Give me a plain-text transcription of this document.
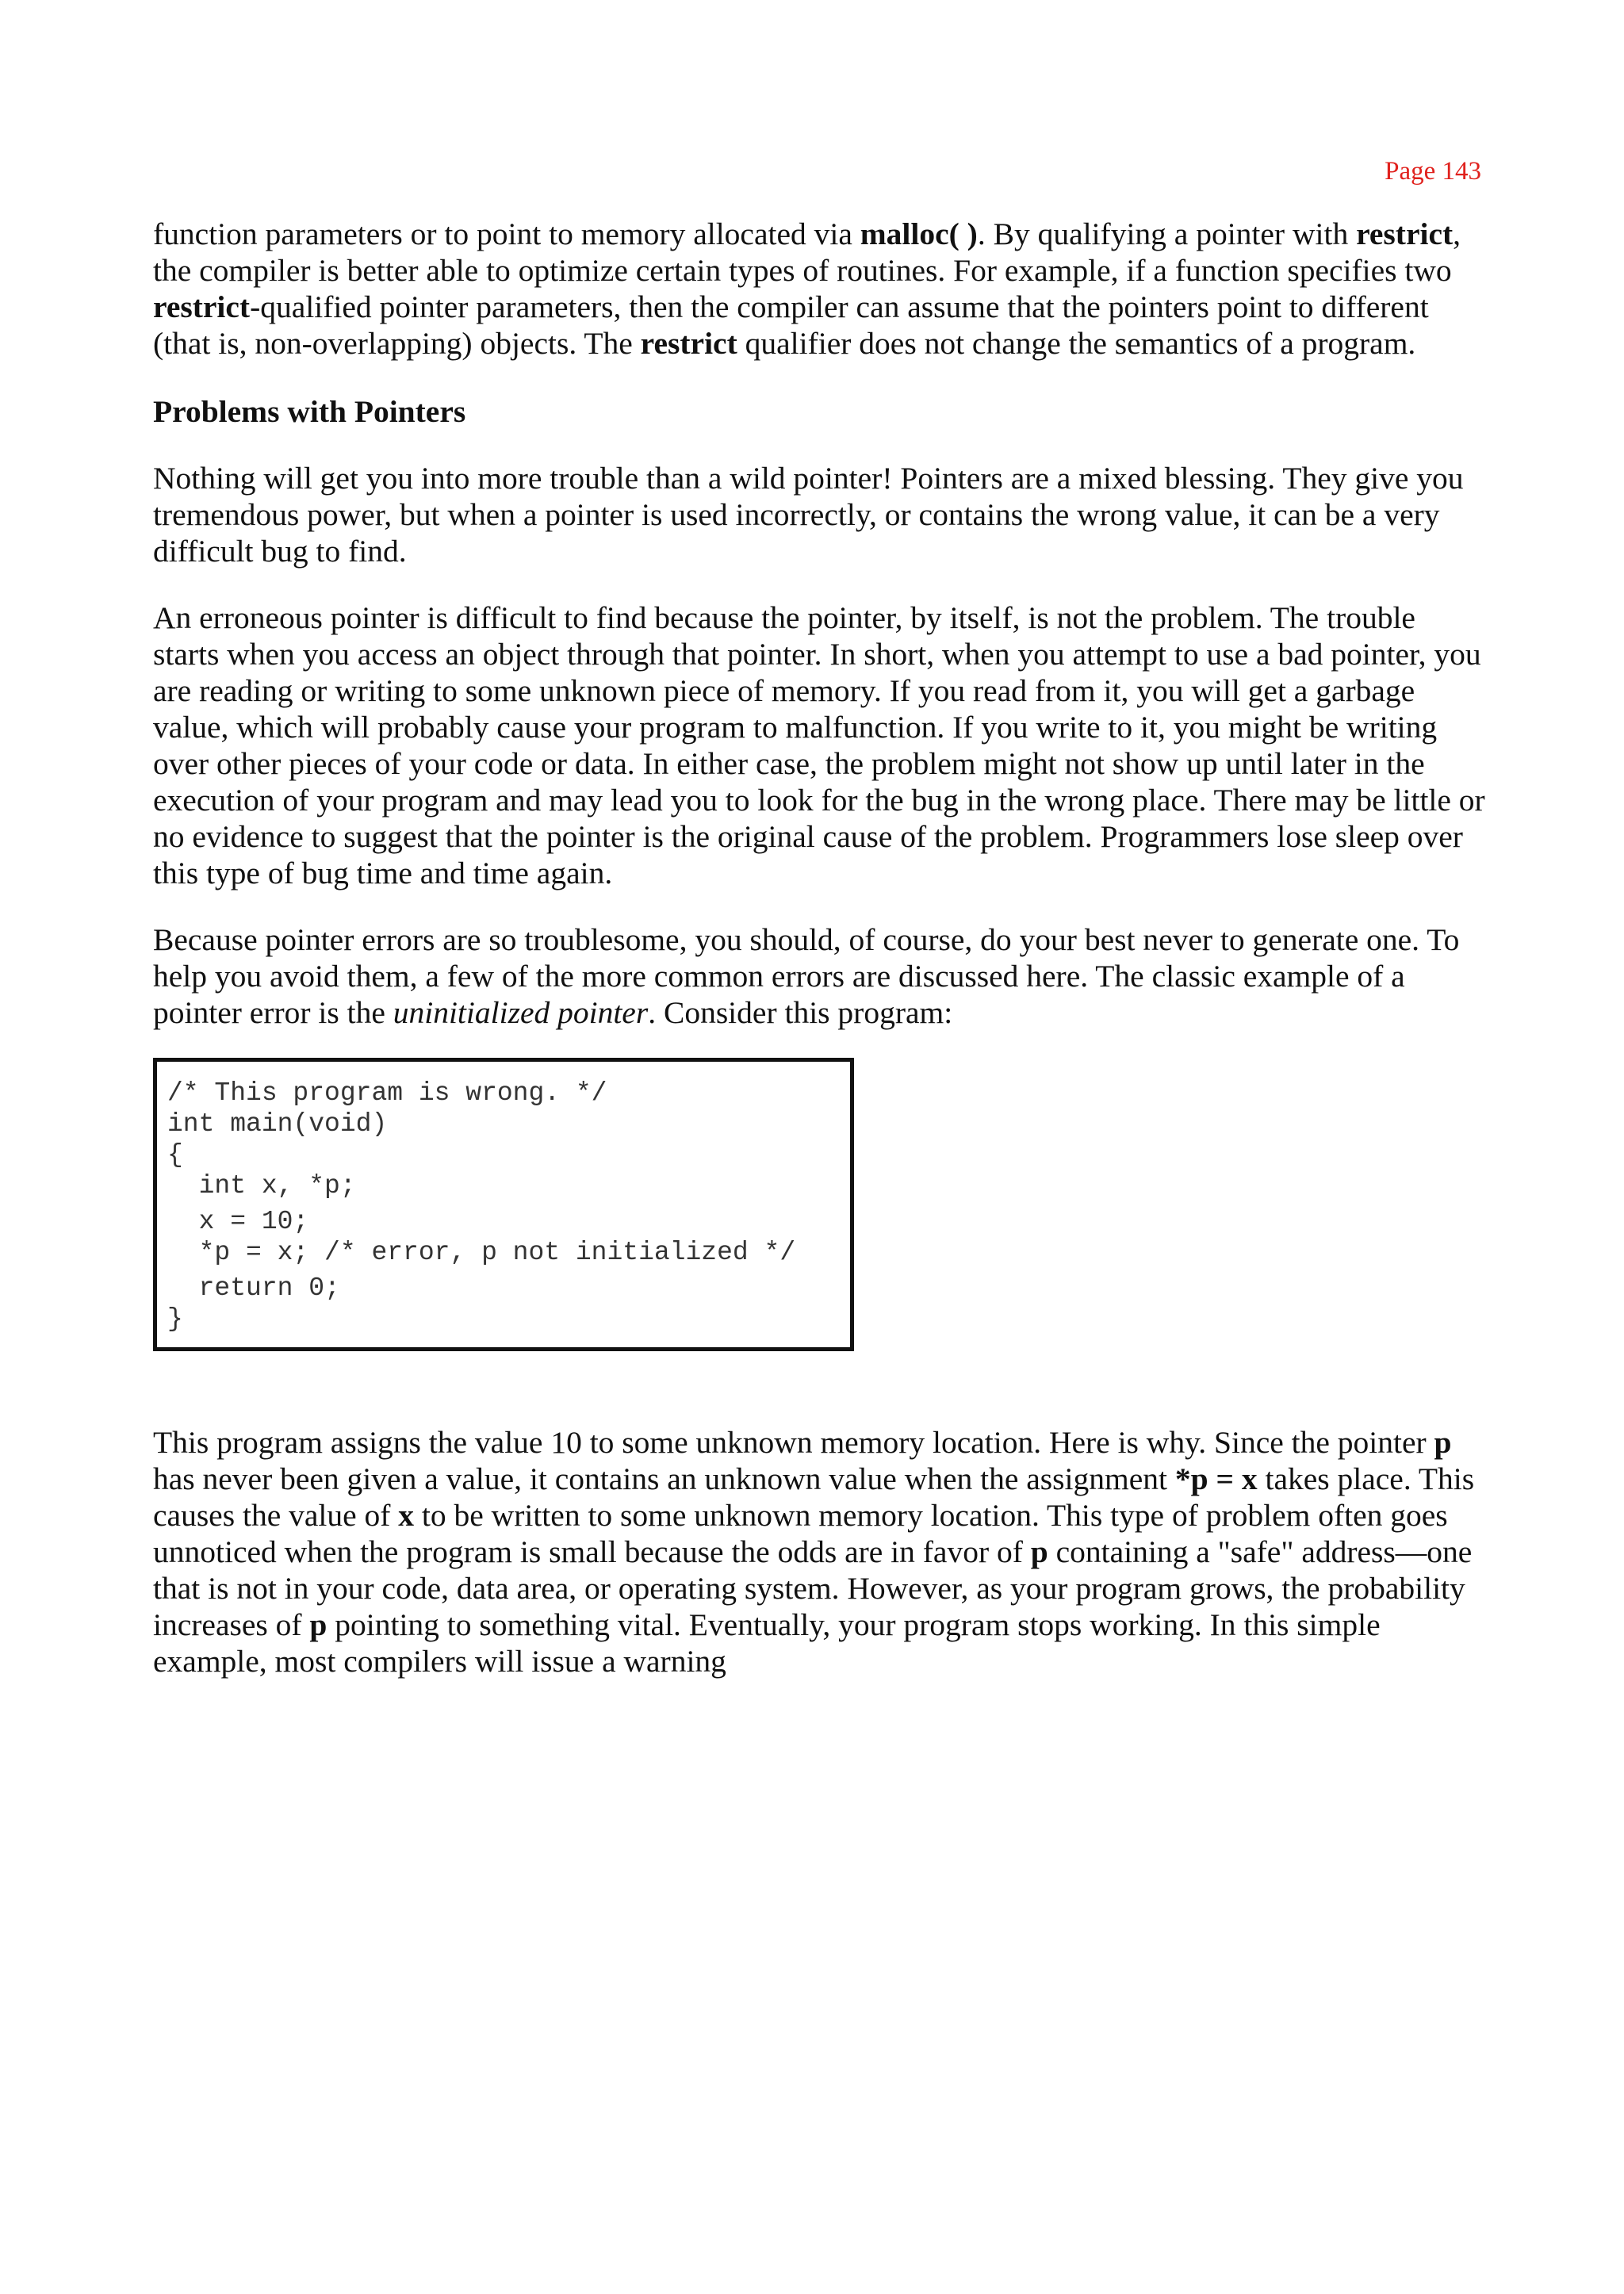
Page 143

function parameters or to point to memory allocated via malloc( ). By qualifying a pointer with restrict, the compiler is better able to optimize certain types of routines. For example, if a function specifies two restrict-qualified pointer parameters, then the compiler can assume that the pointers point to different (that is, non-overlapping) objects. The restrict qualifier does not change the semantics of a program.

Problems with Pointers

Nothing will get you into more trouble than a wild pointer! Pointers are a mixed blessing. They give you tremendous power, but when a pointer is used incorrectly, or contains the wrong value, it can be a very difficult bug to find.

An erroneous pointer is difficult to find because the pointer, by itself, is not the problem. The trouble starts when you access an object through that pointer. In short, when you attempt to use a bad pointer, you are reading or writing to some unknown piece of memory. If you read from it, you will get a garbage value, which will probably cause your program to malfunction. If you write to it, you might be writing over other pieces of your code or data. In either case, the problem might not show up until later in the execution of your program and may lead you to look for the bug in the wrong place. There may be little or no evidence to suggest that the pointer is the original cause of the problem. Programmers lose sleep over this type of bug time and time again.

Because pointer errors are so troublesome, you should, of course, do your best never to generate one. To help you avoid them, a few of the more common errors are discussed here. The classic example of a pointer error is the uninitialized pointer. Consider this program:

/* This program is wrong. */
int main(void)
{
int x, *p;
x = 10;
*p = x; /* error, p not initialized */
return 0;
}

This program assigns the value 10 to some unknown memory location. Here is why. Since the pointer p has never been given a value, it contains an unknown value when the assignment *p = x takes place. This causes the value of x to be written to some unknown memory location. This type of problem often goes unnoticed when the program is small because the odds are in favor of p containing a "safe" address—one that is not in your code, data area, or operating system. However, as your program grows, the probability increases of p pointing to something vital. Eventually, your program stops working. In this simple example, most compilers will issue a warning
